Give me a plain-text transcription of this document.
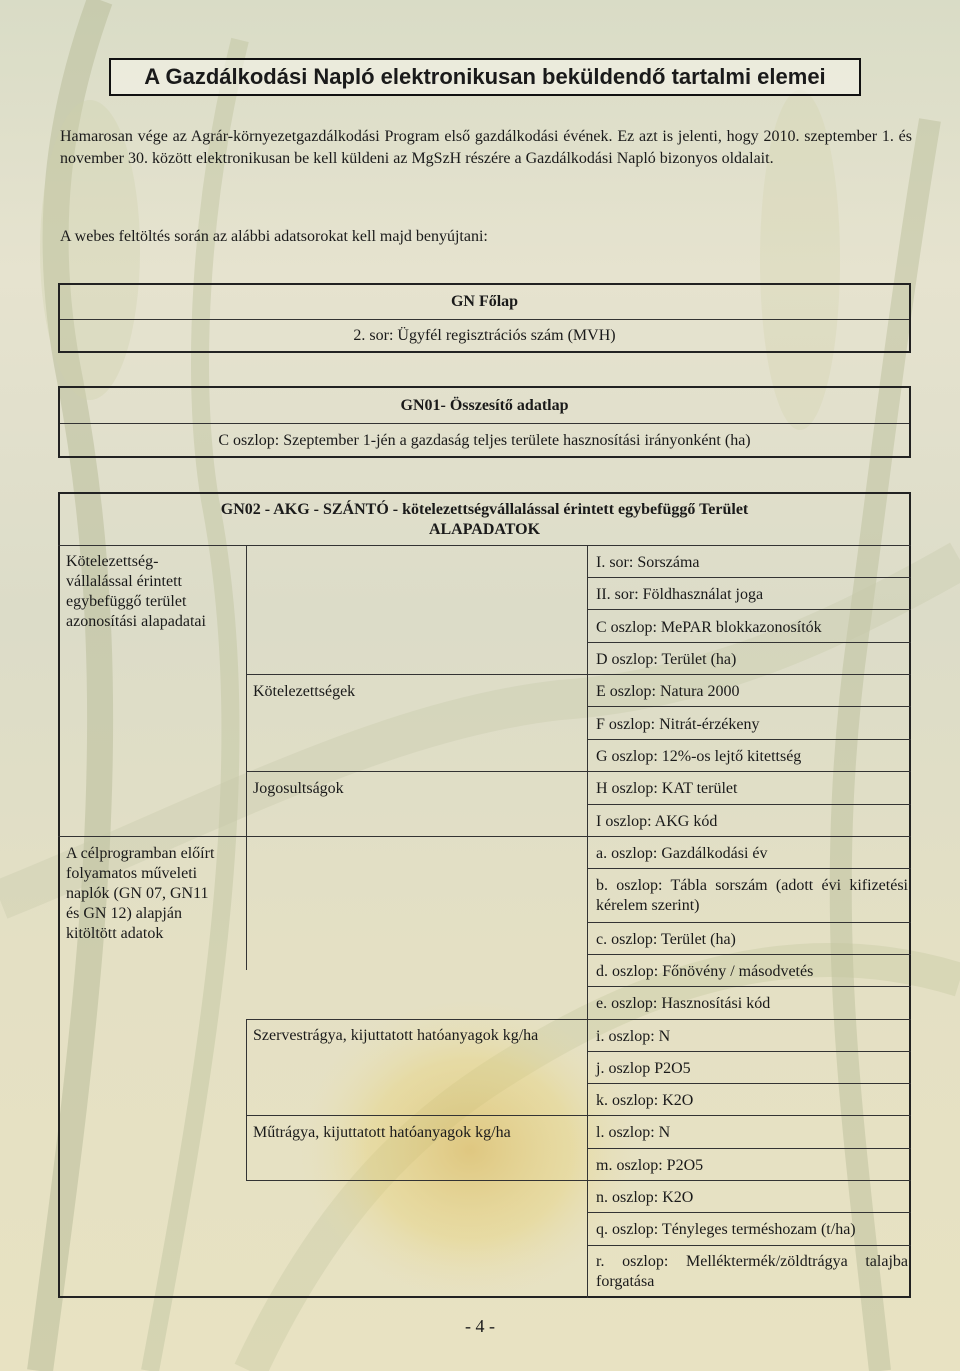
A Gazdálkodási Napló elektronikusan beküldendő tartalmi elemei

Hamarosan vége az Agrár-környezetgazdálkodási Program első gazdálkodási évének. Ez azt is jelenti, hogy 2010. szeptember 1. és november 30. között elektronikusan be kell küldeni az MgSzH részére a Gazdálkodási Napló bizonyos oldalait.

A webes feltöltés során az alábbi adatsorokat kell majd benyújtani:

GN Főlap
2. sor: Ügyfél regisztrációs szám (MVH)
GN01- Összesítő adatlap
C oszlop: Szeptember 1-jén a gazdaság teljes területe hasznosítási irányonként (ha)
GN02 - AKG - SZÁNTÓ - kötelezettségvállalással érintett egybefüggő Terület
ALAPADATOK
Kötelezettség-
vállalással érintett
egybefüggő terület
azonosítási alapadatai
A célprogramban előírt
folyamatos műveleti
naplók (GN 07, GN11
és GN 12) alapján
kitöltött adatok
Kötelezettségek
Jogosultságok
Szervestrágya, kijuttatott hatóanyagok kg/ha
Műtrágya, kijuttatott hatóanyagok kg/ha
I. sor: Sorszáma
II. sor: Földhasználat joga
C oszlop: MePAR blokkazonosítók
D oszlop: Terület (ha)
E oszlop: Natura 2000
F oszlop: Nitrát-érzékeny
G oszlop: 12%-os lejtő kitettség
H oszlop: KAT terület
I oszlop: AKG kód
a. oszlop: Gazdálkodási év
b. oszlop: Tábla sorszám (adott évi kifizetési kérelem szerint)
c. oszlop: Terület (ha)
d. oszlop: Főnövény / másodvetés
e. oszlop: Hasznosítási kód
i. oszlop: N
j. oszlop P2O5
k. oszlop: K2O
l. oszlop: N
m. oszlop: P2O5
n. oszlop: K2O
q. oszlop: Tényleges terméshozam (t/ha)
r. oszlop: Melléktermék/zöldtrágya talajba forgatása
- 4 -
